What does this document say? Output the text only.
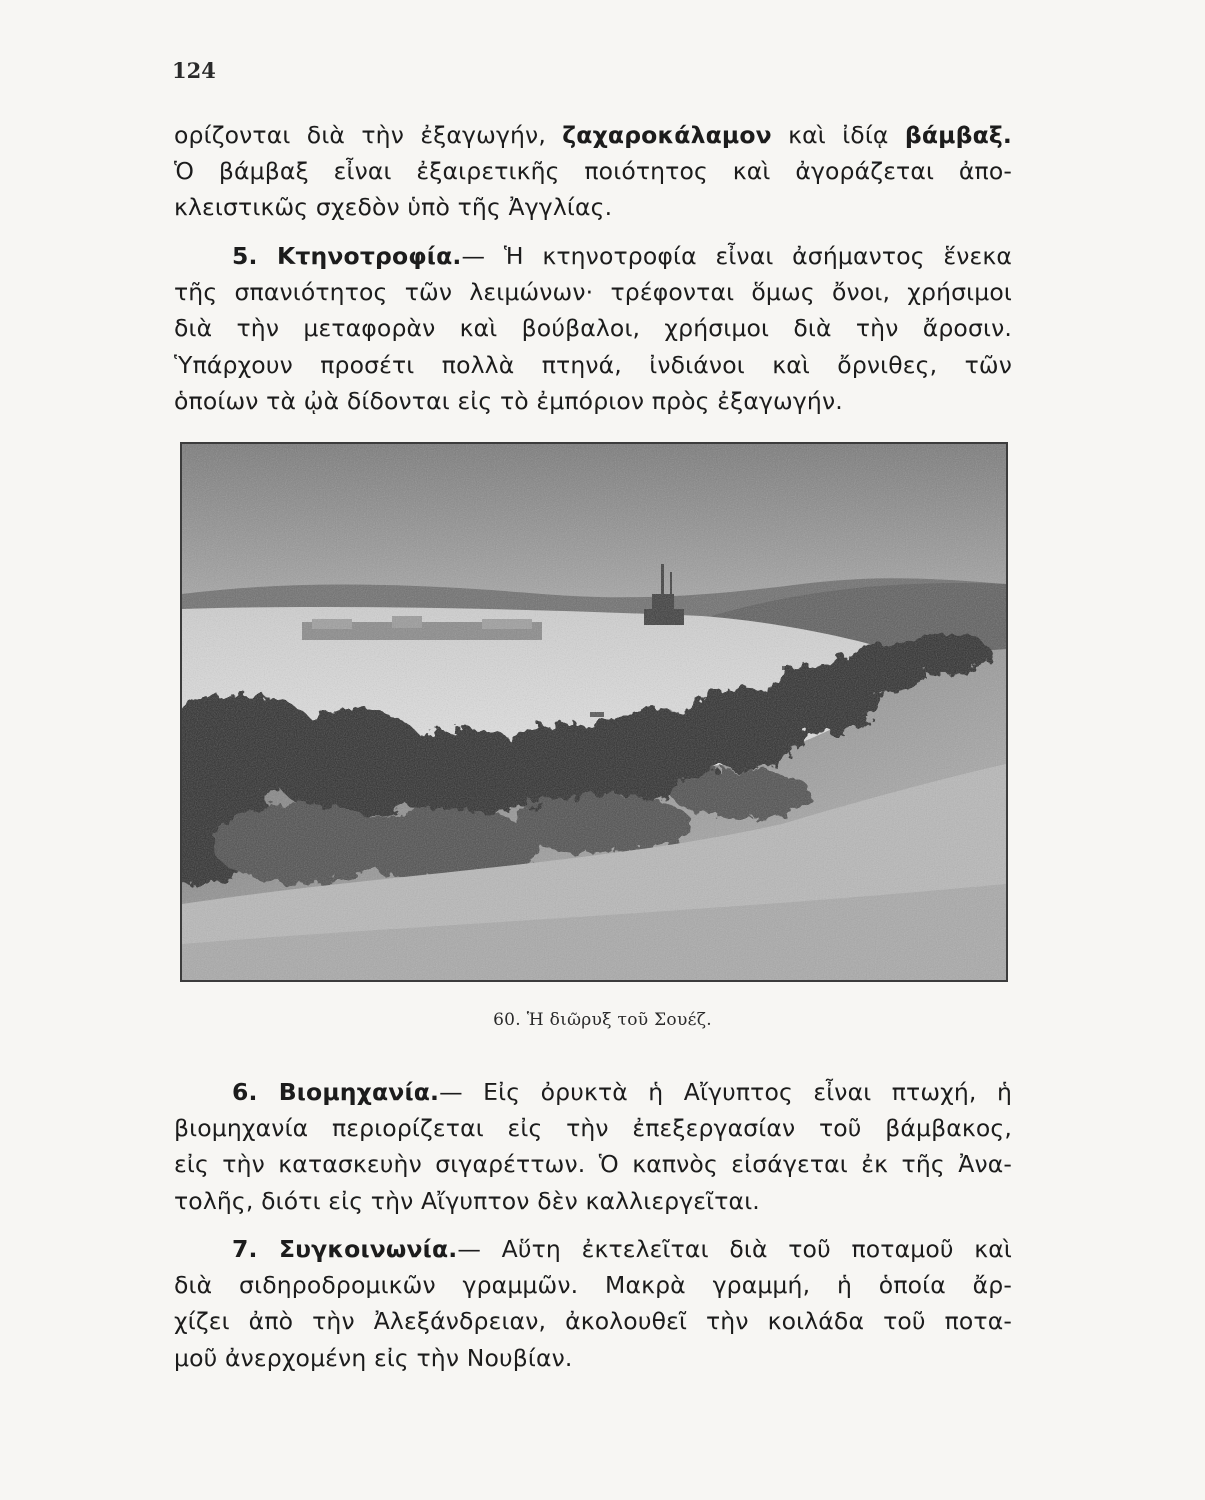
124
ορίζονται διὰ τὴν ἐξαγωγήν, ζαχαροκάλαμον καὶ ἰδίᾳ βάμβαξ.
Ὁ βάμβαξ εἶναι ἐξαιρετικῆς ποιότητος καὶ ἀγοράζεται ἀπο-
κλειστικῶς σχεδὸν ὑπὸ τῆς Ἀγγλίας.
5. Κτηνοτροφία.— Ἡ κτηνοτροφία εἶναι ἀσήμαντος ἕνεκα
τῆς σπανιότητος τῶν λειμώνων· τρέφονται ὅμως ὄνοι, χρήσιμοι
διὰ τὴν μεταφορὰν καὶ βούβαλοι, χρήσιμοι διὰ τὴν ἄροσιν.
Ὑπάρχουν προσέτι πολλὰ πτηνά, ἰνδιάνοι καὶ ὄρνιθες, τῶν
ὁποίων τὰ ᾠὰ δίδονται εἰς τὸ ἐμπόριον πρὸς ἐξαγωγήν.
60. Ἡ διῶρυξ τοῦ Σουέζ.
6. Βιομηχανία.— Εἰς ὀρυκτὰ ἡ Αἴγυπτος εἶναι πτωχή, ἡ
βιομηχανία περιορίζεται εἰς τὴν ἐπεξεργασίαν τοῦ βάμβακος,
εἰς τὴν κατασκευὴν σιγαρέττων. Ὁ καπνὸς εἰσάγεται ἐκ τῆς Ἀνα-
τολῆς, διότι εἰς τὴν Αἴγυπτον δὲν καλλιεργεῖται.
7. Συγκοινωνία.— Αὕτη ἐκτελεῖται διὰ τοῦ ποταμοῦ καὶ
διὰ σιδηροδρομικῶν γραμμῶν. Μακρὰ γραμμή, ἡ ὁποία ἄρ-
χίζει ἀπὸ τὴν Ἀλεξάνδρειαν, ἀκολουθεῖ τὴν κοιλάδα τοῦ ποτα-
μοῦ ἀνερχομένη εἰς τὴν Νουβίαν.
